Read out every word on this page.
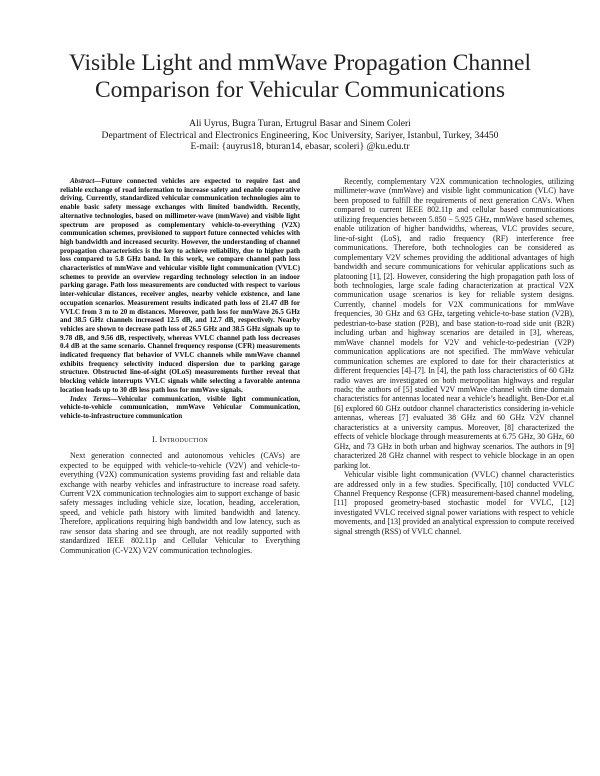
Visible Light and mmWave Propagation Channel
Comparison for Vehicular Communications
Ali Uyrus, Bugra Turan, Ertugrul Basar and Sinem Coleri
Department of Electrical and Electronics Engineering, Koc University, Sariyer, Istanbul, Turkey, 34450
E-mail: {auyrus18, bturan14, ebasar, scoleri} @ku.edu.tr

Abstract—Future connected vehicles are expected to require fast and reliable exchange of road information to increase safety and enable cooperative driving. Currently, standardized vehicular communication technologies aim to enable basic safety message exchanges with limited bandwidth. Recently, alternative technologies, based on millimeter-wave (mmWave) and visible light spectrum are proposed as complementary vehicle-to-everything (V2X) communication schemes, provisioned to support future connected vehicles with high bandwidth and increased security. However, the understanding of channel propagation characteristics is the key to achieve reliability, due to higher path loss compared to 5.8 GHz band. In this work, we compare channel path loss characteristics of mmWave and vehicular visible light communication (VVLC) schemes to provide an overview regarding technology selection in an indoor parking garage. Path loss measurements are conducted with respect to various inter-vehicular distances, receiver angles, nearby vehicle existence, and lane occupation scenarios. Measurement results indicated path loss of 21.47 dB for VVLC from 3 m to 20 m distances. Moreover, path loss for mmWave 26.5 GHz and 38.5 GHz channels increased 12.5 dB, and 12.7 dB, respectively. Nearby vehicles are shown to decrease path loss of 26.5 GHz and 38.5 GHz signals up to 9.78 dB, and 9.56 dB, respectively, whereas VVLC channel path loss decreases 0.4 dB at the same scenario. Channel frequency response (CFR) measurements indicated frequency flat behavior of VVLC channels while mmWave channel exhibits frequency selectivity induced dispersion due to parking garage structure. Obstructed line-of-sight (OLoS) measurements further reveal that blocking vehicle interrupts VVLC signals while selecting a favorable antenna location leads up to 30 dB less path loss for mmWave signals.

Index Terms—Vehicular communication, visible light communication, vehicle-to-vehicle communication, mmWave Vehicular Communication, vehicle-to-infrastructure communication

I. Introduction

Next generation connected and autonomous vehicles (CAVs) are expected to be equipped with vehicle-to-vehicle (V2V) and vehicle-to-everything (V2X) communication systems providing fast and reliable data exchange with nearby vehicles and infrastructure to increase road safety. Current V2X communication technologies aim to support exchange of basic safety messages including vehicle size, location, heading, acceleration, speed, and vehicle path history with limited bandwidth and latency. Therefore, applications requiring high bandwidth and low latency, such as raw sensor data sharing and see through, are not readily supported with standardized IEEE 802.11p and Cellular Vehicular to Everything Communication (C-V2X) V2V communication technologies.

Recently, complementary V2X communication technologies, utilizing millimeter-wave (mmWave) and visible light communication (VLC) have been proposed to fulfill the requirements of next generation CAVs. When compared to current IEEE 802.11p and cellular based communications utilizing frequencies between 5.850 − 5.925 GHz, mmWave based schemes, enable utilization of higher bandwidths, whereas, VLC provides secure, line-of-sight (LoS), and radio frequency (RF) interference free communications. Therefore, both technologies can be considered as complementary V2V schemes providing the additional advantages of high bandwidth and secure communications for vehicular applications such as platooning [1], [2]. However, considering the high propagation path loss of both technologies, large scale fading characterization at practical V2X communication usage scenarios is key for reliable system designs. Currently, channel models for V2X communications for mmWave frequencies, 30 GHz and 63 GHz, targeting vehicle-to-base station (V2B), pedestrian-to-base station (P2B), and base station-to-road side unit (B2R) including urban and highway scenarios are detailed in [3], whereas, mmWave channel models for V2V and vehicle-to-pedestrian (V2P) communication applications are not specified. The mmWave vehicular communication schemes are explored to date for their characteristics at different frequencies [4]–[7]. In [4], the path loss characteristics of 60 GHz radio waves are investigated on both metropolitan highways and regular roads; the authors of [5] studied V2V mmWave channel with time domain characteristics for antennas located near a vehicle’s headlight. Ben-Dor et.al [6] explored 60 GHz outdoor channel characteristics considering in-vehicle antennas, whereas [7] evaluated 38 GHz and 60 GHz V2V channel characteristics at a university campus. Moreover, [8] characterized the effects of vehicle blockage through measurements at 6.75 GHz, 30 GHz, 60 GHz, and 73 GHz in both urban and highway scenarios. The authors in [9] characterized 28 GHz channel with respect to vehicle blockage in an open parking lot.

Vehicular visible light communication (VVLC) channel characteristics are addressed only in a few studies. Specifically, [10] conducted VVLC Channel Frequency Response (CFR) measurement-based channel modeling, [11] proposed geometry-based stochastic model for VVLC, [12] investigated VVLC received signal power variations with respect to vehicle movements, and [13] provided an analytical expression to compute received signal strength (RSS) of VVLC channel.
